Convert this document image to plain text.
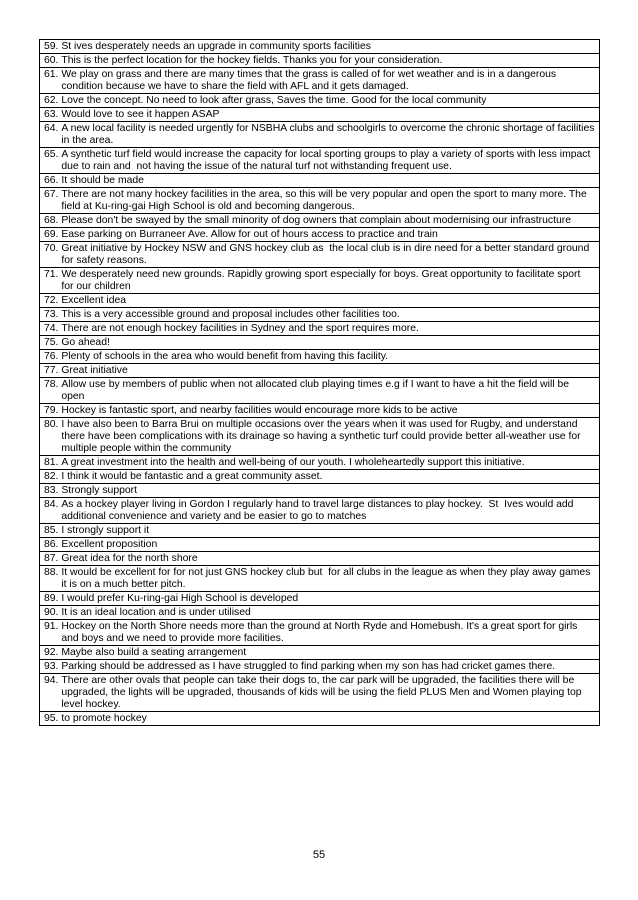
59.
St ives desperately needs an upgrade in community sports facilities

60.
This is the perfect location for the hockey fields. Thanks you for your consideration.

61.
We play on grass and there are many times that the grass is called of for wet weather and is in a dangerous condition because we have to share the field with AFL and it gets damaged.

62.
Love the concept. No need to look after grass, Saves the time. Good for the local community

63.
Would love to see it happen ASAP

64.
A new local facility is needed urgently for NSBHA clubs and schoolgirls to overcome the chronic shortage of facilities in the area.

65.
A synthetic turf field would increase the capacity for local sporting groups to play a variety of sports with less impact due to rain and  not having the issue of the natural turf not withstanding frequent use.

66.
It should be made

67.
There are not many hockey facilities in the area, so this will be very popular and open the sport to many more. The field at Ku-ring-gai High School is old and becoming dangerous.

68.
Please don't be swayed by the small minority of dog owners that complain about modernising our infrastructure

69.
Ease parking on Burraneer Ave. Allow for out of hours access to practice and train

70.
Great initiative by Hockey NSW and GNS hockey club as  the local club is in dire need for a better standard ground for safety reasons.

71.
We desperately need new grounds. Rapidly growing sport especially for boys. Great opportunity to facilitate sport for our children

72.
Excellent idea

73.
This is a very accessible ground and proposal includes other facilities too.

74.
There are not enough hockey facilities in Sydney and the sport requires more.

75.
Go ahead!

76.
Plenty of schools in the area who would benefit from having this facility.

77.
Great initiative

78.
Allow use by members of public when not allocated club playing times e.g if I want to have a hit the field will be open

79.
Hockey is fantastic sport, and nearby facilities would encourage more kids to be active

80.
I have also been to Barra Brui on multiple occasions over the years when it was used for Rugby, and understand there have been complications with its drainage so having a synthetic turf could provide better all-weather use for multiple people within the community

81.
A great investment into the health and well-being of our youth. I wholeheartedly support this initiative.

82.
I think it would be fantastic and a great community asset.

83.
Strongly support

84.
As a hockey player living in Gordon I regularly hand to travel large distances to play hockey.  St  Ives would add additional convenience and variety and be easier to go to matches

85.
I strongly support it

86.
Excellent proposition

87.
Great idea for the north shore

88.
It would be excellent for for not just GNS hockey club but  for all clubs in the league as when they play away games it is on a much better pitch.

89.
I would prefer Ku-ring-gai High School is developed

90.
It is an ideal location and is under utilised

91.
Hockey on the North Shore needs more than the ground at North Ryde and Homebush. It's a great sport for girls and boys and we need to provide more facilities.

92.
Maybe also build a seating arrangement

93.
Parking should be addressed as I have struggled to find parking when my son has had cricket games there.

94.
There are other ovals that people can take their dogs to, the car park will be upgraded, the facilities there will be upgraded, the lights will be upgraded, thousands of kids will be using the field PLUS Men and Women playing top level hockey.

95.
to promote hockey
55
